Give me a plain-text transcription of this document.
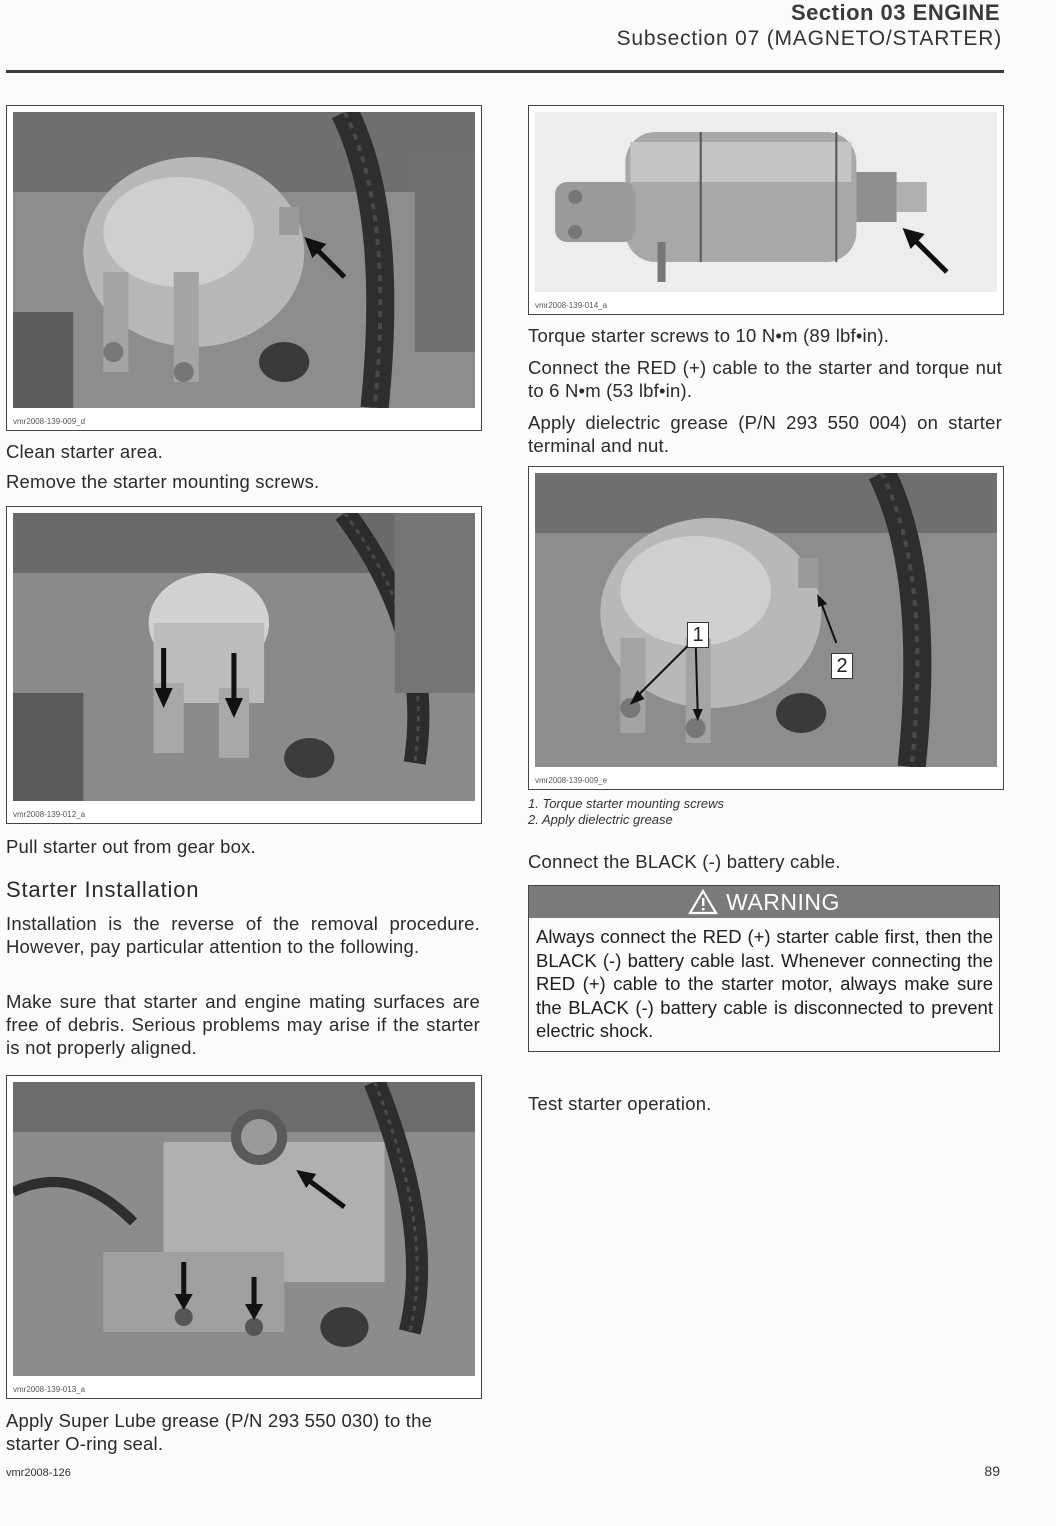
Section 03 ENGINE
Subsection 07 (MAGNETO/STARTER)
vmr2008-139-009_d
Clean starter area.
Remove the starter mounting screws.
vmr2008-139-012_a
Pull starter out from gear box.
Starter Installation
Installation is the reverse of the removal procedure. However, pay particular attention to the following.
Make sure that starter and engine mating surfaces are free of debris. Serious problems may arise if the starter is not properly aligned.
vmr2008-139-013_a
Apply Super Lube grease (P/N 293 550 030) to the starter O-ring seal.
vmr2008-139-014_a
Torque starter screws to 10 N•m (89 lbf•in).
Connect the RED (+) cable to the starter and torque nut to 6 N•m (53 lbf•in).
Apply dielectric grease (P/N 293 550 004) on starter terminal and nut.
1
2
vmr2008-139-009_e
1. Torque starter mounting screws
2. Apply dielectric grease
Connect the BLACK (-) battery cable.
WARNING
Always connect the RED (+) starter cable first, then the BLACK (-) battery cable last. Whenever connecting the RED (+) cable to the starter motor, always make sure the BLACK (-) battery cable is disconnected to prevent electric shock.
Test starter operation.
vmr2008-126	89
